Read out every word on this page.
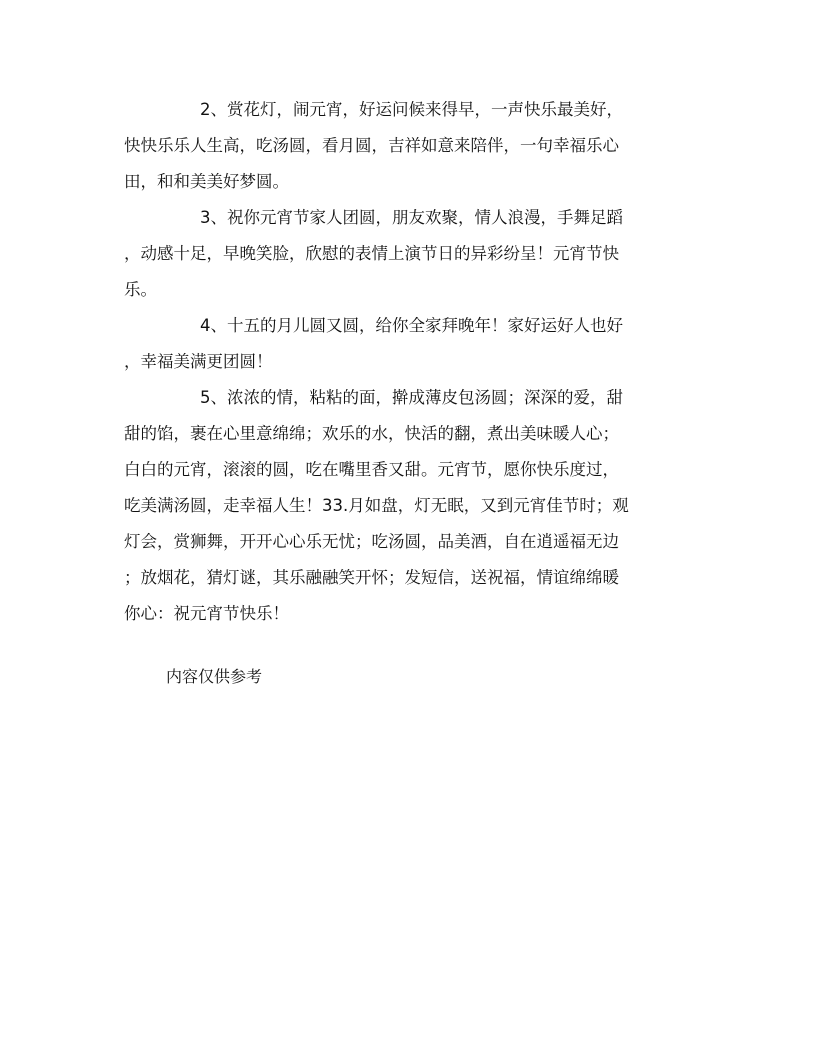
2、赏花灯，闹元宵，好运问候来得早，一声快乐最美好，
快快乐乐人生高，吃汤圆，看月圆，吉祥如意来陪伴，一句幸福乐心
田，和和美美好梦圆。
3、祝你元宵节家人团圆，朋友欢聚，情人浪漫，手舞足蹈
，动感十足，早晚笑脸，欣慰的表情上演节日的异彩纷呈！元宵节快
乐。
4、十五的月儿圆又圆，给你全家拜晚年！家好运好人也好
，幸福美满更团圆！
5、浓浓的情，粘粘的面，擀成薄皮包汤圆；深深的爱，甜
甜的馅，裹在心里意绵绵；欢乐的水，快活的翻，煮出美味暖人心；
白白的元宵，滚滚的圆，吃在嘴里香又甜。元宵节，愿你快乐度过，
吃美满汤圆，走幸福人生！33.月如盘，灯无眠，又到元宵佳节时；观
灯会，赏狮舞，开开心心乐无忧；吃汤圆，品美酒，自在逍遥福无边
；放烟花，猜灯谜，其乐融融笑开怀；发短信，送祝福，情谊绵绵暖
你心：祝元宵节快乐！
内容仅供参考
